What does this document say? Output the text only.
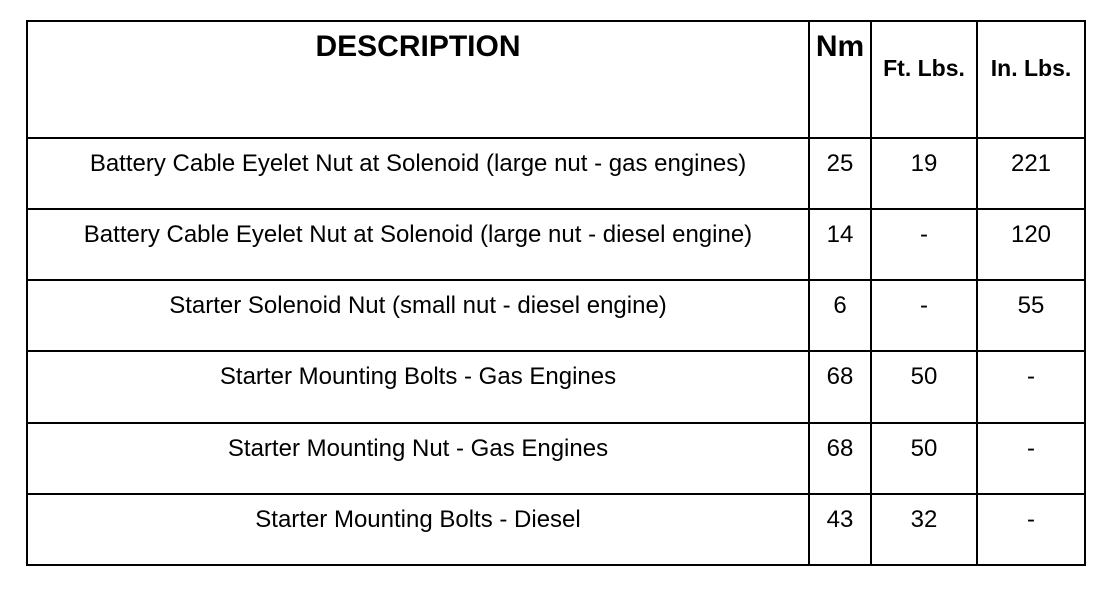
DESCRIPTION	Nm	Ft. Lbs.	In. Lbs.
Battery Cable Eyelet Nut at Solenoid (large nut - gas engines)	25	19	221
Battery Cable Eyelet Nut at Solenoid (large nut - diesel engine)	14	-	120
Starter Solenoid Nut (small nut - diesel engine)	6	-	55
Starter Mounting Bolts - Gas Engines	68	50	-
Starter Mounting Nut - Gas Engines	68	50	-
Starter Mounting Bolts - Diesel	43	32	-
